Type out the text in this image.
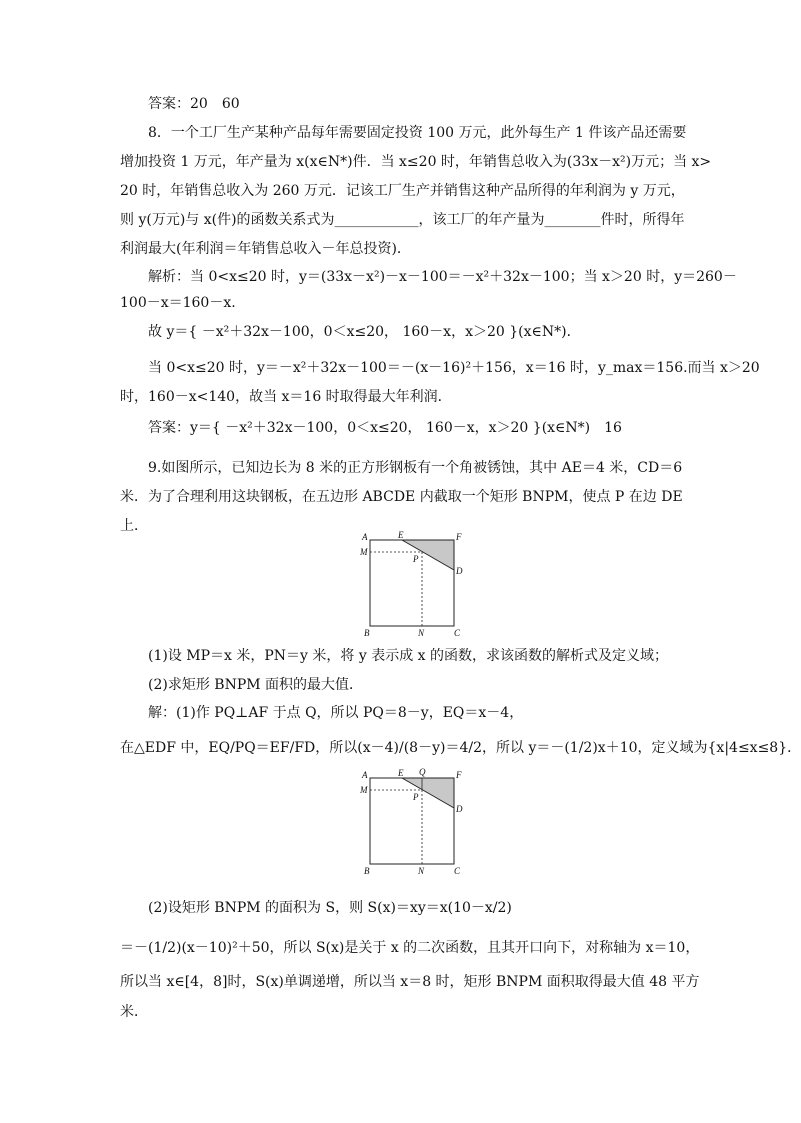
答案：20　60
8．一个工厂生产某种产品每年需要固定投资 100 万元，此外每生产 1 件该产品还需要
增加投资 1 万元，年产量为 x(x∈N*)件．当 x≤20 时，年销售总收入为(33x－x²)万元；当 x>
20 时，年销售总收入为 260 万元．记该工厂生产并销售这种产品所得的年利润为 y 万元，
则 y(万元)与 x(件)的函数关系式为____________，该工厂的年产量为________件时，所得年
利润最大(年利润＝年销售总收入－年总投资)．
解析：当 0<x≤20 时，y＝(33x－x²)－x－100＝－x²＋32x－100；当 x＞20 时，y＝260－
100－x＝160－x.
故 y＝{ －x²＋32x－100，0＜x≤20， 160－x，x＞20 }(x∈N*)．
当 0<x≤20 时，y＝－x²＋32x－100＝－(x－16)²＋156，x＝16 时，y_max＝156.而当 x＞20
时，160－x<140，故当 x＝16 时取得最大年利润．
答案：y＝{ －x²＋32x－100，0＜x≤20， 160－x，x＞20 }(x∈N*)　16
9.如图所示，已知边长为 8 米的正方形钢板有一个角被锈蚀，其中 AE＝4 米，CD＝6
米．为了合理利用这块钢板，在五边形 ABCDE 内截取一个矩形 BNPM，使点 P 在边 DE
上．
A	E	F
M
P
D
B	N	C
(1)设 MP＝x 米，PN＝y 米，将 y 表示成 x 的函数，求该函数的解析式及定义域；
(2)求矩形 BNPM 面积的最大值．
解：(1)作 PQ⊥AF 于点 Q，所以 PQ＝8－y，EQ＝x－4，
在△EDF 中，EQ/PQ＝EF/FD，所以(x－4)/(8－y)＝4/2，所以 y＝－(1/2)x＋10，定义域为{x|4≤x≤8}．
A	E Q	F
M
P
D
B	N	C
(2)设矩形 BNPM 的面积为 S，则 S(x)＝xy＝x(10－x/2)
＝－(1/2)(x－10)²＋50，所以 S(x)是关于 x 的二次函数，且其开口向下，对称轴为 x＝10，
所以当 x∈[4，8]时，S(x)单调递增，所以当 x＝8 时，矩形 BNPM 面积取得最大值 48 平方
米．
